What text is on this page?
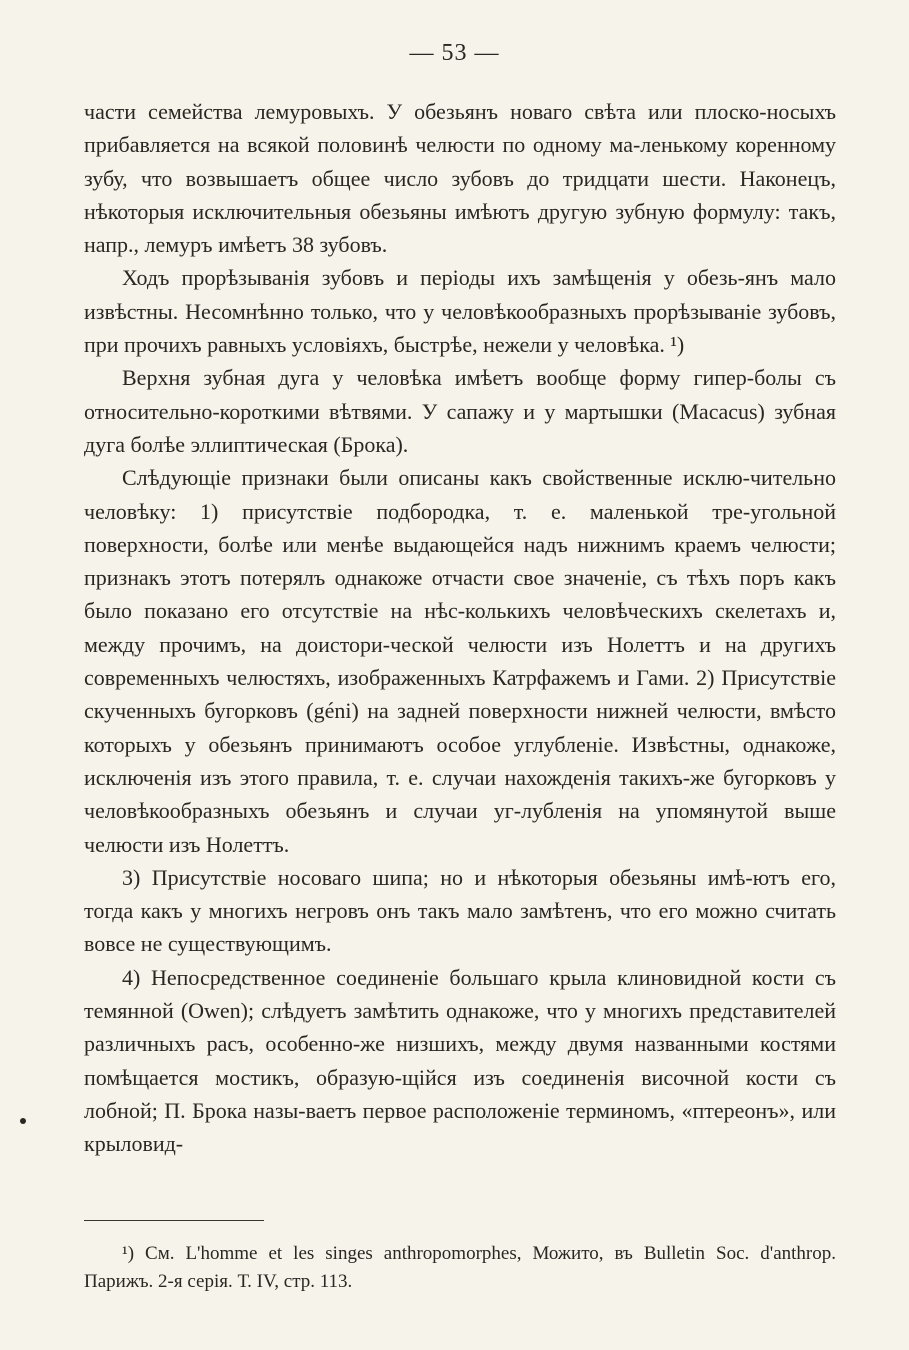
— 53 —

части семейства лемуровыхъ. У обезьянъ новаго свѣта или плоско-носыхъ прибавляется на всякой половинѣ челюсти по одному ма-ленькому коренному зубу, что возвышаетъ общее число зубовъ до тридцати шести. Наконецъ, нѣкоторыя исключительныя обезьяны имѣютъ другую зубную формулу: такъ, напр., лемуръ имѣетъ 38 зубовъ.

Ходъ прорѣзыванія зубовъ и періоды ихъ замѣщенія у обезь-янъ мало извѣстны. Несомнѣнно только, что у человѣкообразныхъ прорѣзываніе зубовъ, при прочихъ равныхъ условіяхъ, быстрѣе, нежели у человѣка. ¹)

Верхня зубная дуга у человѣка имѣетъ вообще форму гипер-болы съ относительно-короткими вѣтвями. У сапажу и у мартышки (Macacus) зубная дуга болѣе эллиптическая (Брока).

Слѣдующіе признаки были описаны какъ свойственные исклю-чительно человѣку: 1) присутствіе подбородка, т. е. маленькой тре-угольной поверхности, болѣе или менѣе выдающейся надъ нижнимъ краемъ челюсти; признакъ этотъ потерялъ однакоже отчасти свое значеніе, съ тѣхъ поръ какъ было показано его отсутствіе на нѣс-колькихъ человѣческихъ скелетахъ и, между прочимъ, на доистори-ческой челюсти изъ Нолеттъ и на другихъ современныхъ челюстяхъ, изображенныхъ Катрфажемъ и Гами. 2) Присутствіе скученныхъ бугорковъ (géni) на задней поверхности нижней челюсти, вмѣсто которыхъ у обезьянъ принимаютъ особое углубленіе. Извѣстны, однакоже, исключенія изъ этого правила, т. е. случаи нахожденія такихъ-же бугорковъ у человѣкообразныхъ обезьянъ и случаи уг-лубленія на упомянутой выше челюсти изъ Нолеттъ.

3) Присутствіе носоваго шипа; но и нѣкоторыя обезьяны имѣ-ютъ его, тогда какъ у многихъ негровъ онъ такъ мало замѣтенъ, что его можно считать вовсе не существующимъ.

4) Непосредственное соединеніе большаго крыла клиновидной кости съ темянной (Owen); слѣдуетъ замѣтить однакоже, что у многихъ представителей различныхъ расъ, особенно-же низшихъ, между двумя названными костями помѣщается мостикъ, образую-щійся изъ соединенія височной кости съ лобной; П. Брока назы-ваетъ первое расположеніе терминомъ, «птереонъ», или крыловид-

¹) См. L'homme et les singes anthropomorphes, Можито, въ Bulletin Soc. d'anthrop. Парижъ. 2-я серія. Т. IV, стр. 113.
